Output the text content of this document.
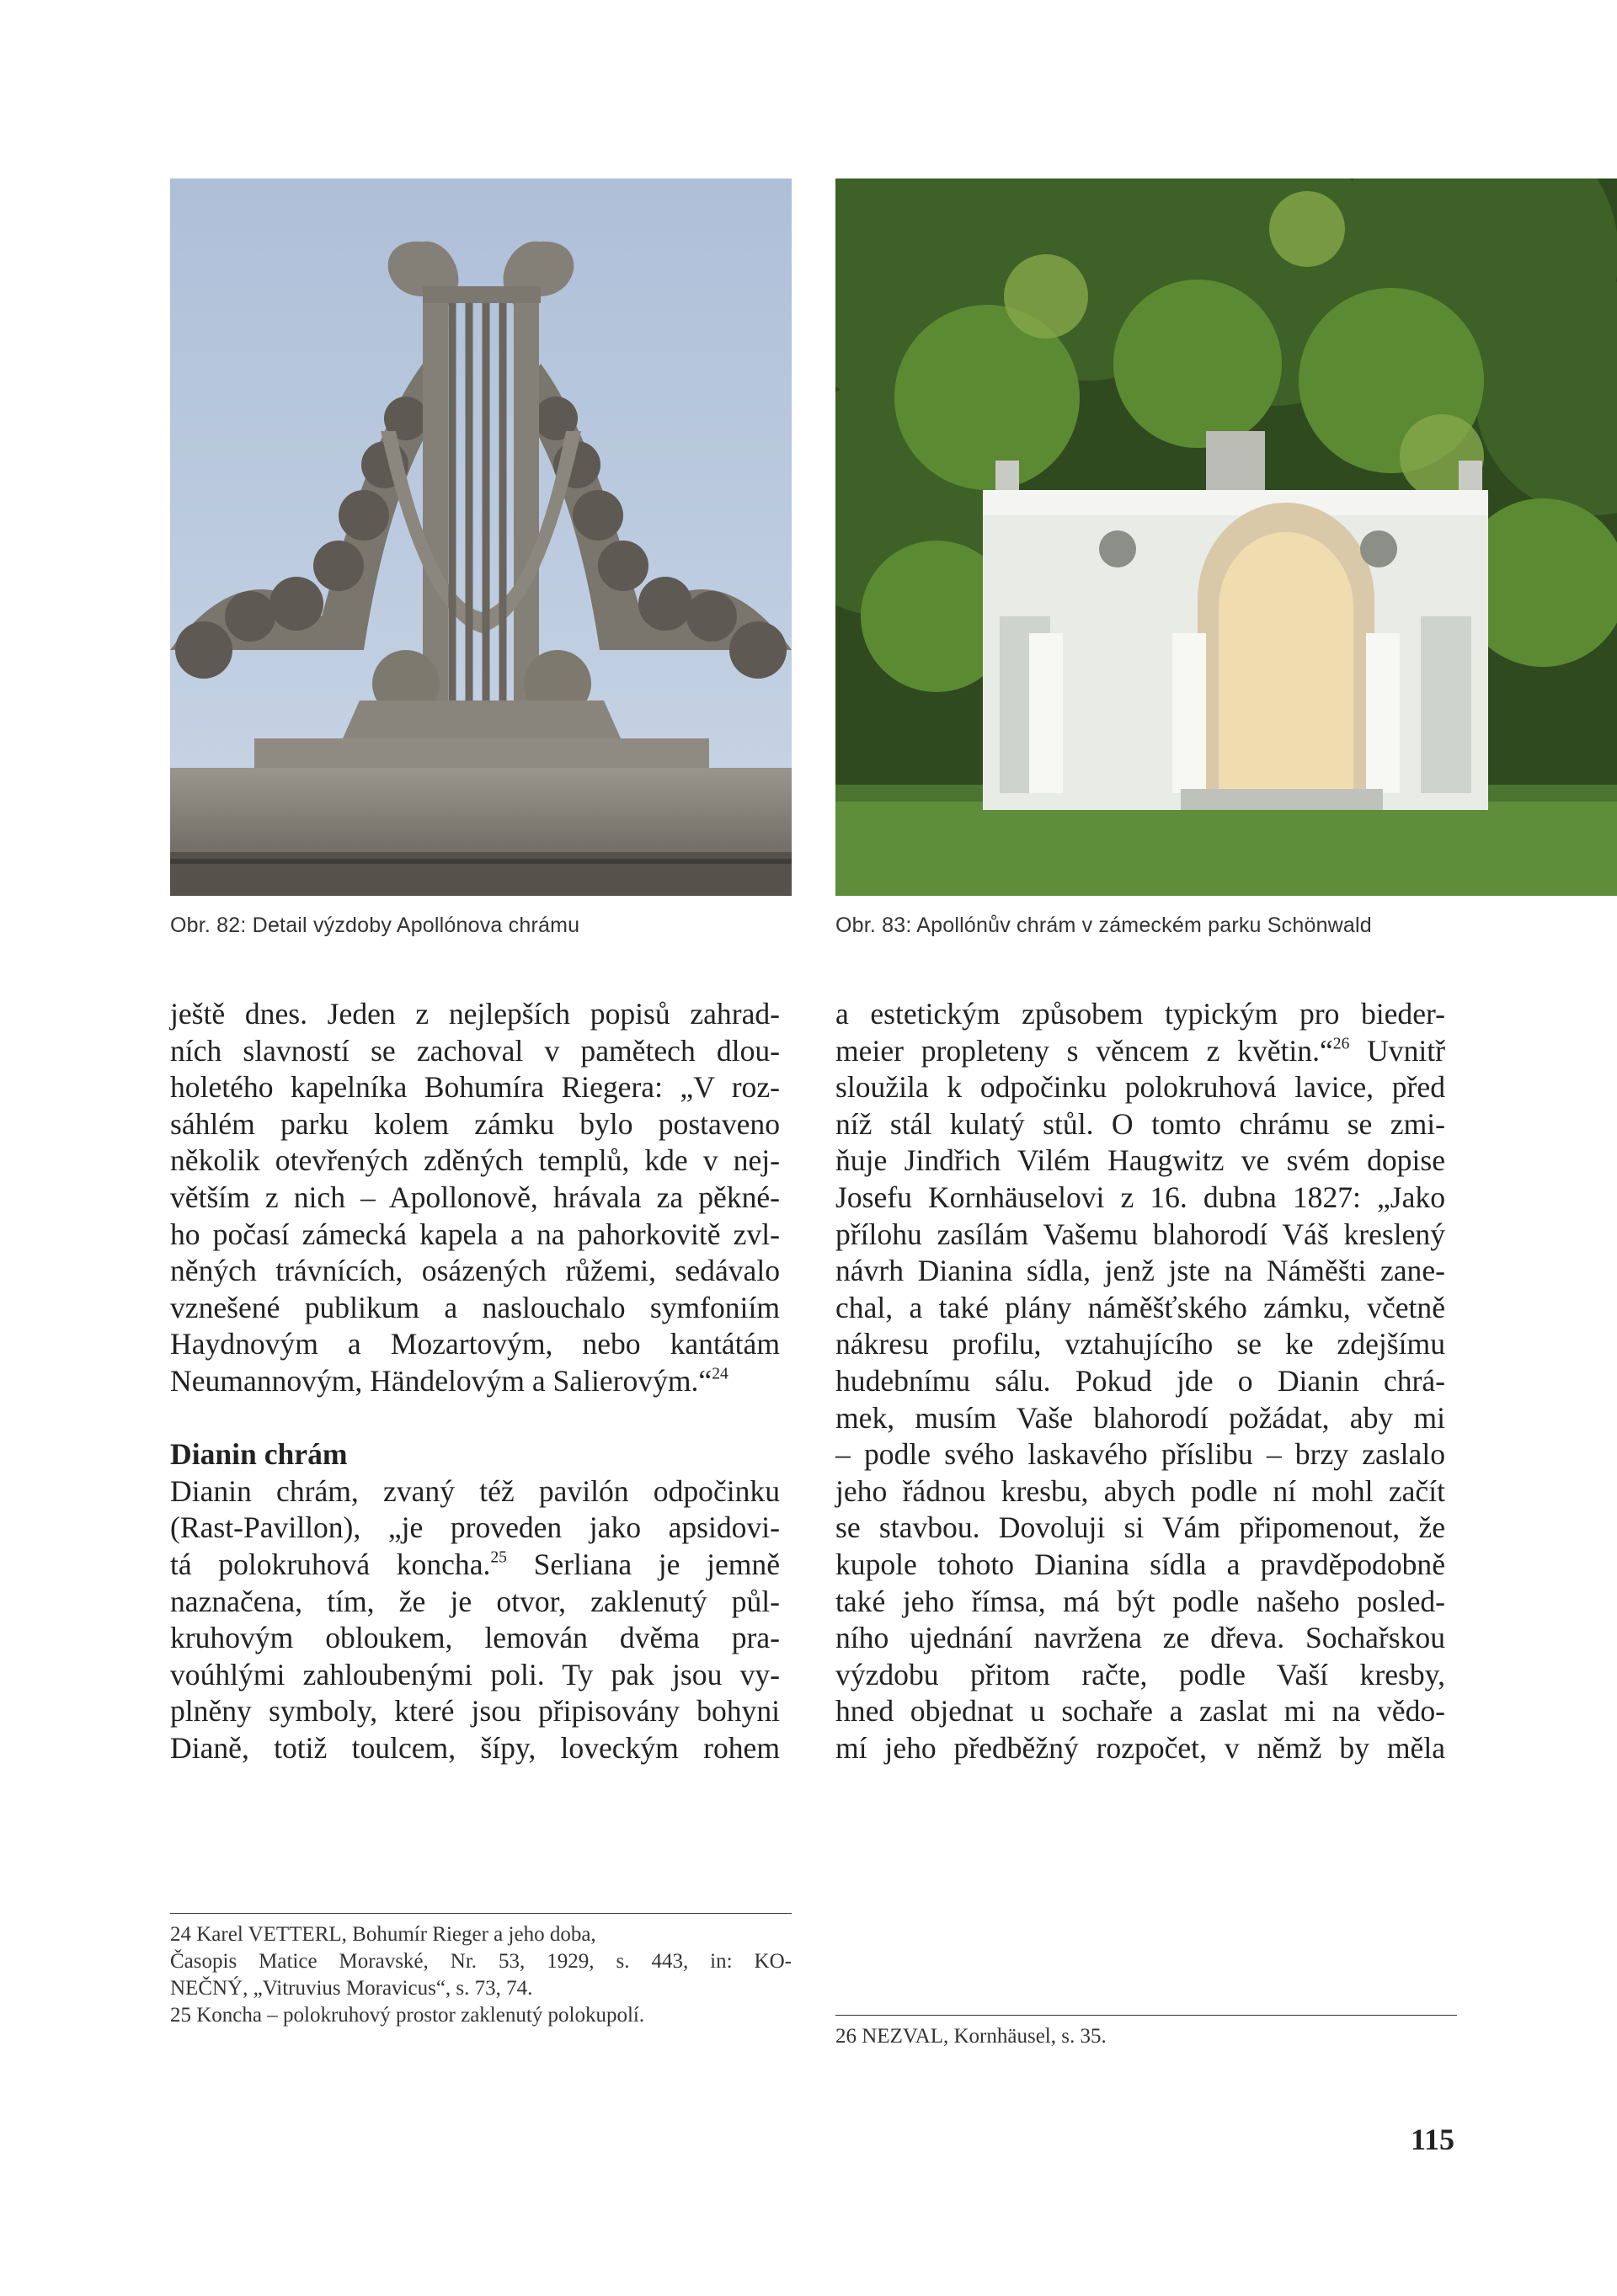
Obr. 82: Detail výzdoby Apollónova chrámu	Obr. 83: Apollónův chrám v zámeckém parku Schönwald
ještě dnes. Jeden z nejlepších popisů zahrad-
ních slavností se zachoval v pamětech dlou-
holetého kapelníka Bohumíra Riegera: „V roz-
sáhlém parku kolem zámku bylo postaveno
několik otevřených zděných templů, kde v nej-
větším z nich – Apollonově, hrávala za pěkné-
ho počasí zámecká kapela a na pahorkovitě zvl-
něných trávnících, osázených růžemi, sedávalo
vznešené publikum a naslouchalo symfoniím
Haydnovým a Mozartovým, nebo kantátám
Neumannovým, Händelovým a Salierovým.“$^{24}$
Dianin chrám
Dianin chrám, zvaný též pavilón odpočinku
(Rast-Pavillon), „je proveden jako apsidovi-
tá polokruhová koncha.$^{25}$ Serliana je jemně
naznačena, tím, že je otvor, zaklenutý půl-
kruhovým obloukem, lemován dvěma pra-
voúhlými zahloubenými poli. Ty pak jsou vy-
plněny symboly, které jsou připisovány bohyni
Dianě, totiž toulcem, šípy, loveckým rohem
a estetickým způsobem typickým pro bieder-
meier propleteny s věncem z květin.“$^{26}$ Uvnitř
sloužila k odpočinku polokruhová lavice, před
níž stál kulatý stůl. O tomto chrámu se zmi-
ňuje Jindřich Vilém Haugwitz ve svém dopise
Josefu Kornhäuselovi z 16. dubna 1827: „Jako
přílohu zasílám Vašemu blahorodí Váš kreslený
návrh Dianina sídla, jenž jste na Náměšti zane-
chal, a také plány náměšťského zámku, včetně
nákresu profilu, vztahujícího se ke zdejšímu
hudebnímu sálu. Pokud jde o Dianin chrá-
mek, musím Vaše blahorodí požádat, aby mi
– podle svého laskavého příslibu – brzy zaslalo
jeho řádnou kresbu, abych podle ní mohl začít
se stavbou. Dovoluji si Vám připomenout, že
kupole tohoto Dianina sídla a pravděpodobně
také jeho římsa, má být podle našeho posled-
ního ujednání navržena ze dřeva. Sochařskou
výzdobu přitom račte, podle Vaší kresby,
hned objednat u sochaře a zaslat mi na vědo-
mí jeho předběžný rozpočet, v němž by měla
24 Karel VETTERL, Bohumír Rieger a jeho doba,
Časopis Matice Moravské, Nr. 53, 1929, s. 443, in: KO-
NEČNÝ, „Vitruvius Moravicus“, s. 73, 74.
25 Koncha – polokruhový prostor zaklenutý polokupolí.
26 NEZVAL, Kornhäusel, s. 35.
115
